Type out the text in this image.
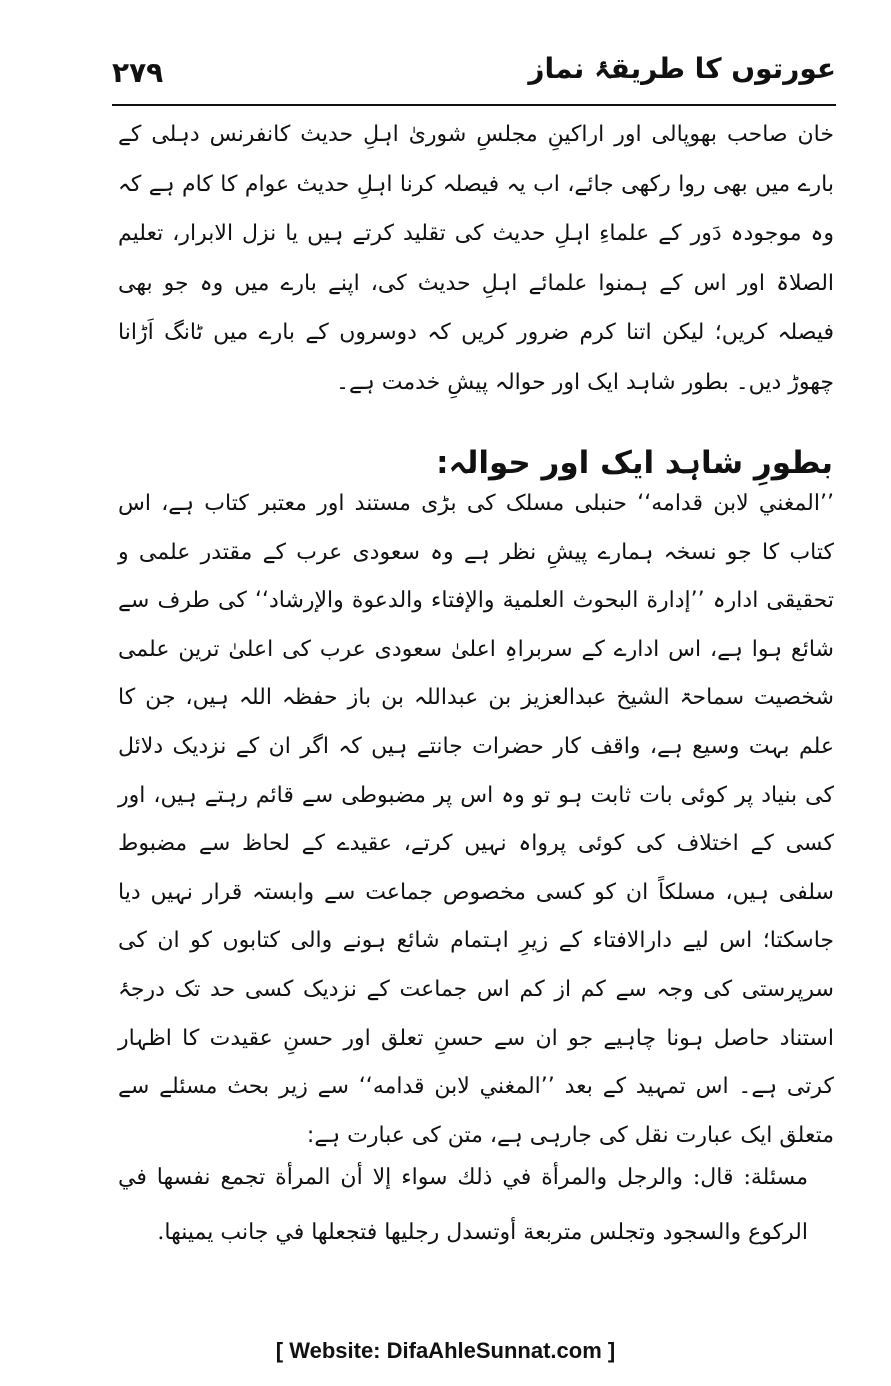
۲۷۹	عورتوں کا طریقۂ نماز
خان صاحب بھوپالی اور اراکینِ مجلسِ شوریٰ اہلِ حدیث کانفرنس دہلی کے بارے میں بھی روا رکھی جائے، اب یہ فیصلہ کرنا اہلِ حدیث عوام کا کام ہے کہ وہ موجودہ دَور کے علماءِ اہلِ حدیث کی تقلید کرتے ہیں یا نزل الابرار، تعلیم الصلاۃ اور اس کے ہمنوا علمائے اہلِ حدیث کی، اپنے بارے میں وہ جو بھی فیصلہ کریں؛ لیکن اتنا کرم ضرور کریں کہ دوسروں کے بارے میں ٹانگ اَڑانا چھوڑ دیں۔ بطور شاہد ایک اور حوالہ پیشِ خدمت ہے۔
بطورِ شاہد ایک اور حوالہ:
’’المغني لابن قدامه‘‘ حنبلی مسلک کی بڑی مستند اور معتبر کتاب ہے، اس کتاب کا جو نسخہ ہمارے پیشِ نظر ہے وہ سعودی عرب کے مقتدر علمی و تحقیقی ادارہ ’’إدارة البحوث العلمية والإفتاء والدعوة والإرشاد‘‘ کی طرف سے شائع ہوا ہے، اس ادارے کے سربراہِ اعلیٰ سعودی عرب کی اعلیٰ ترین علمی شخصیت سماحۃ الشیخ عبدالعزیز بن عبداللہ بن باز حفظہ اللہ ہیں، جن کا علم بہت وسیع ہے، واقف کار حضرات جانتے ہیں کہ اگر ان کے نزدیک دلائل کی بنیاد پر کوئی بات ثابت ہو تو وہ اس پر مضبوطی سے قائم رہتے ہیں، اور کسی کے اختلاف کی کوئی پرواہ نہیں کرتے، عقیدے کے لحاظ سے مضبوط سلفی ہیں، مسلکاً ان کو کسی مخصوص جماعت سے وابستہ قرار نہیں دیا جاسکتا؛ اس لیے دارالافتاء کے زیرِ اہتمام شائع ہونے والی کتابوں کو ان کی سرپرستی کی وجہ سے کم از کم اس جماعت کے نزدیک کسی حد تک درجۂ استناد حاصل ہونا چاہیے جو ان سے حسنِ تعلق اور حسنِ عقیدت کا اظہار کرتی ہے۔ اس تمہید کے بعد ’’المغني لابن قدامه‘‘ سے زیر بحث مسئلے سے متعلق ایک عبارت نقل کی جارہی ہے، متن کی عبارت ہے:
مسئلة: قال: والرجل والمرأة في ذلك سواء إلا أن المرأة تجمع نفسها في الركوع والسجود وتجلس متربعة أوتسدل رجليها فتجعلها في جانب يمينها.
[ Website: DifaAhleSunnat.com ]
